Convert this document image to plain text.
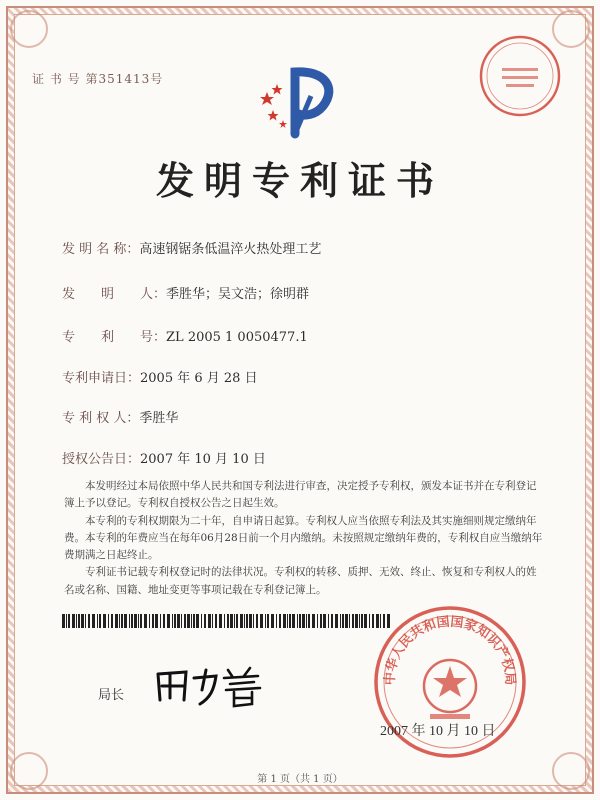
证 书 号 第351413号
发明专利证书
发 明 名 称：高速钢锯条低温淬火热处理工艺
发　　明　　人：季胜华；吴文浩；徐明群
专　　利　　号：ZL 2005 1 0050477.1
专利申请日：2005 年 6 月 28 日
专 利 权 人：季胜华
授权公告日：2007 年 10 月 10 日

本发明经过本局依照中华人民共和国专利法进行审查，决定授予专利权，颁发本证书并在专利登记簿上予以登记。专利权自授权公告之日起生效。

本专利的专利权期限为二十年，自申请日起算。专利权人应当依照专利法及其实施细则规定缴纳年费。本专利的年费应当在每年06月28日前一个月内缴纳。未按照规定缴纳年费的，专利权自应当缴纳年费期满之日起终止。

专利证书记载专利权登记时的法律状况。专利权的转移、质押、无效、终止、恢复和专利权人的姓名或名称、国籍、地址变更等事项记载在专利登记簿上。

局长
中华人民共和国国家知识产权局
2007 年 10 月 10 日
第 1 页（共 1 页）
